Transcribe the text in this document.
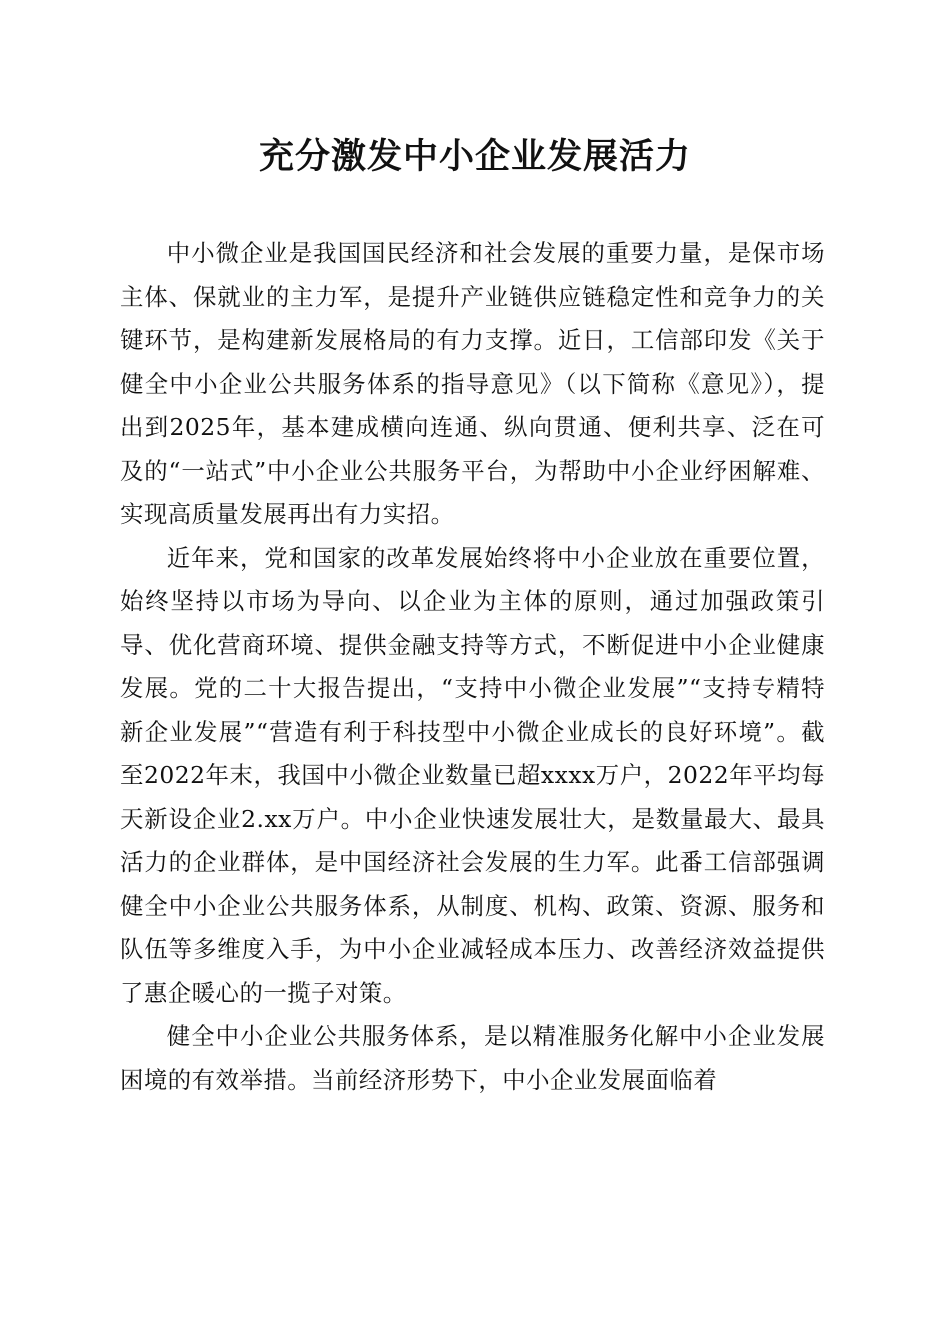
充分激发中小企业发展活力

中小微企业是我国国民经济和社会发展的重要力量，是保市场主体、保就业的主力军，是提升产业链供应链稳定性和竞争力的关键环节，是构建新发展格局的有力支撑。近日，工信部印发《关于健全中小企业公共服务体系的指导意见》（以下简称《意见》），提出到2025年，基本建成横向连通、纵向贯通、便利共享、泛在可及的“一站式”中小企业公共服务平台，为帮助中小企业纾困解难、实现高质量发展再出有力实招。

近年来，党和国家的改革发展始终将中小企业放在重要位置，始终坚持以市场为导向、以企业为主体的原则，通过加强政策引导、优化营商环境、提供金融支持等方式，不断促进中小企业健康发展。党的二十大报告提出，“支持中小微企业发展”“支持专精特新企业发展”“营造有利于科技型中小微企业成长的良好环境”。截至2022年末，我国中小微企业数量已超xxxx万户，2022年平均每天新设企业2.xx万户。中小企业快速发展壮大，是数量最大、最具活力的企业群体，是中国经济社会发展的生力军。此番工信部强调健全中小企业公共服务体系，从制度、机构、政策、资源、服务和队伍等多维度入手，为中小企业减轻成本压力、改善经济效益提供了惠企暖心的一揽子对策。

健全中小企业公共服务体系，是以精准服务化解中小企业发展困境的有效举措。当前经济形势下，中小企业发展面临着
